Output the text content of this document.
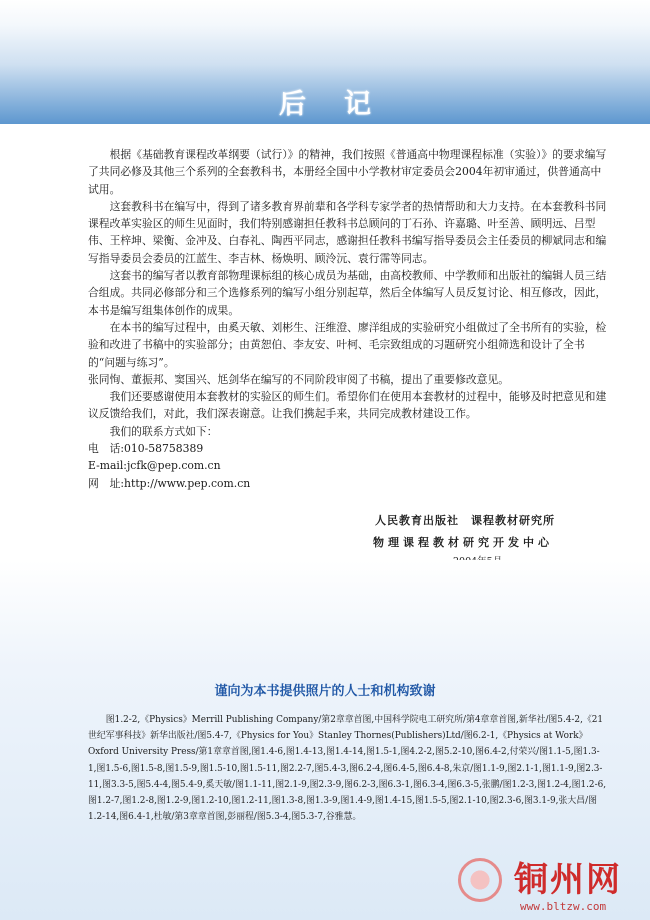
后记

根据《基础教育课程改革纲要（试行）》的精神，我们按照《普通高中物理课程标准（实验）》的要求编写了共同必修及其他三个系列的全套教科书，本册经全国中小学教材审定委员会2004年初审通过，供普通高中试用。

这套教科书在编写中，得到了诸多教育界前辈和各学科专家学者的热情帮助和大力支持。在本套教科书同课程改革实验区的师生见面时，我们特别感谢担任教科书总顾问的丁石孙、许嘉璐、叶至善、顾明远、吕型伟、王梓坤、梁衡、金冲及、白春礼、陶西平同志，感谢担任教科书编写指导委员会主任委员的柳斌同志和编写指导委员会委员的江蓝生、李吉林、杨焕明、顾泠沅、袁行霈等同志。

这套书的编写者以教育部物理课标组的核心成员为基础，由高校教师、中学教师和出版社的编辑人员三结合组成。共同必修部分和三个选修系列的编写小组分别起草，然后全体编写人员反复讨论、相互修改，因此，本书是编写组集体创作的成果。

在本书的编写过程中，由奚天敏、刘彬生、汪维澄、廖洋组成的实验研究小组做过了全书所有的实验，检验和改进了书稿中的实验部分；由黄恕伯、李友安、叶柯、毛宗致组成的习题研究小组筛选和设计了全书的“问题与练习”。

张同恂、董振邦、窦国兴、尪剑华在编写的不同阶段审阅了书稿，提出了重要修改意见。

我们还要感谢使用本套教材的实验区的师生们。希望你们在使用本套教材的过程中，能够及时把意见和建议反馈给我们，对此，我们深表谢意。让我们携起手来，共同完成教材建设工作。

我们的联系方式如下：

电　话:010-58758389
E-mail:jcfk@pep.com.cn
网　址:http://www.pep.com.cn
人民教育出版社　课程教材研究所
物理课程教材研究开发中心
谨向为本书提供照片的人士和机构致谢
图1.2-2,《Physics》Merrill Publishing Company/第2章章首图,中国科学院电工研究所/第4章章首图,新华社/图5.4-2,《21世纪军事科技》新华出版社/图5.4-7,《Physics for You》Stanley Thornes(Publishers)Ltd/图6.2-1,《Physics at Work》Oxford University Press/第1章章首图,图1.4-6,图1.4-13,图1.4-14,图1.5-1,图4.2-2,图5.2-10,图6.4-2,付荣兴/图1.1-5,图1.3-1,图1.5-6,图1.5-8,图1.5-9,图1.5-10,图1.5-11,图2.2-7,图5.4-3,图6.2-4,图6.4-5,图6.4-8,朱京/图1.1-9,图2.1-1,图1.1-9,图2.3-11,图3.3-5,图5.4-4,图5.4-9,奚天敏/图1.1-11,图2.1-9,图2.3-9,图6.2-3,图6.3-1,图6.3-4,图6.3-5,张鹏/图1.2-3,图1.2-4,图1.2-6,图1.2-7,图1.2-8,图1.2-9,图1.2-10,图1.2-11,图1.3-8,图1.3-9,图1.4-9,图1.4-15,图1.5-5,图2.1-10,图2.3-6,图3.1-9,张大昌/图1.2-14,图6.4-1,杜敏/第3章章首图,彭丽程/图5.3-4,图5.3-7,谷雅慧。
铜州网
www.bltzw.com
